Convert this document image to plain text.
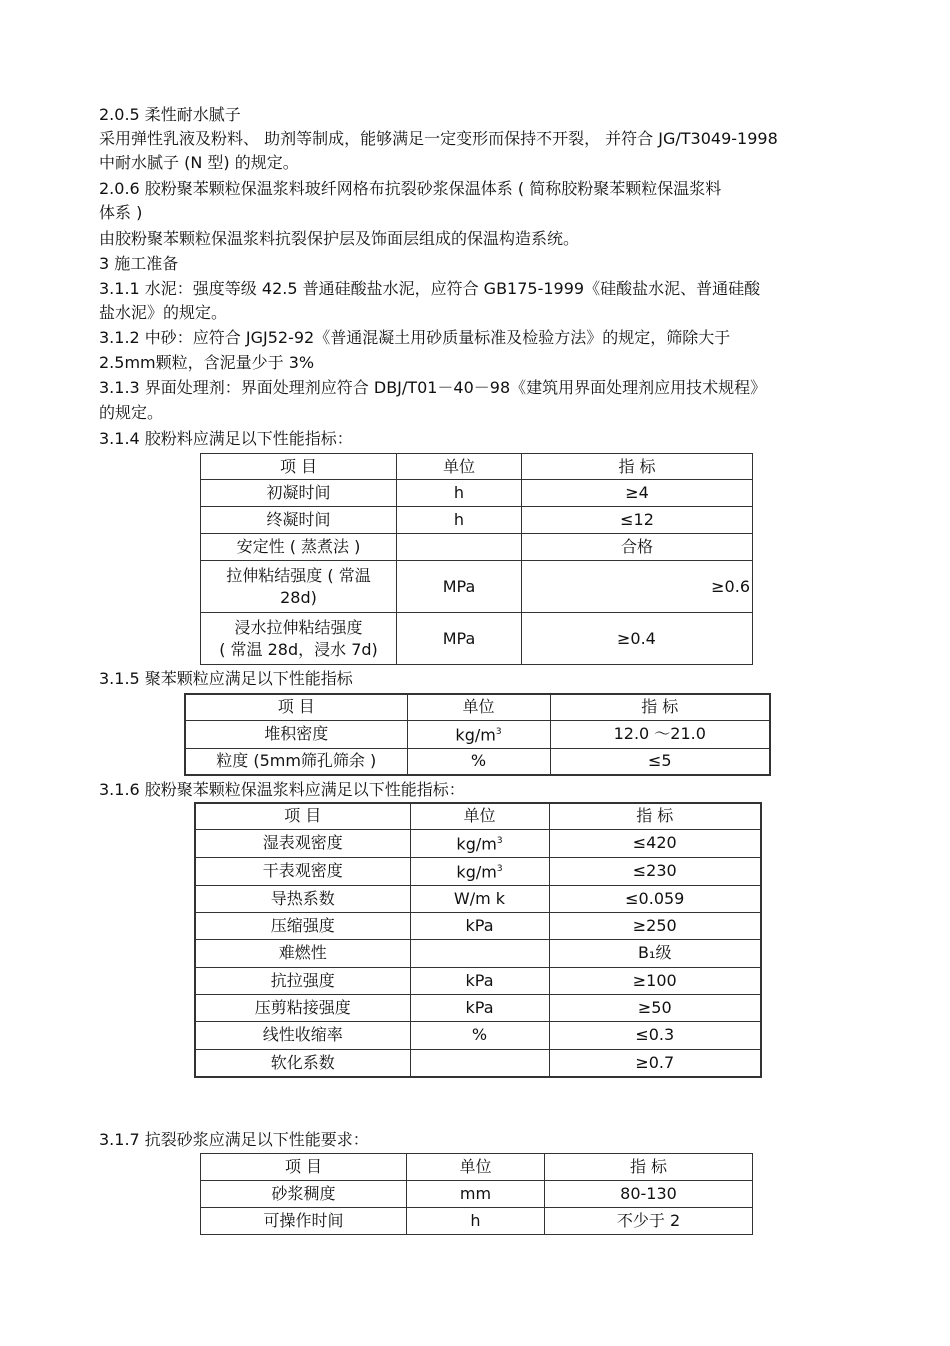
2.0.5 柔性耐水腻子
采用弹性乳液及粉料、 助剂等制成，能够满足一定变形而保持不开裂， 并符合 JG/T3049-1998
中耐水腻子 (N 型) 的规定。
2.0.6 胶粉聚苯颗粒保温浆料玻纤网格布抗裂砂浆保温体系 ( 简称胶粉聚苯颗粒保温浆料
体系 )
由胶粉聚苯颗粒保温浆料抗裂保护层及饰面层组成的保温构造系统。
3 施工准备
3.1.1 水泥：强度等级 42.5 普通硅酸盐水泥，应符合 GB175-1999《硅酸盐水泥、普通硅酸
盐水泥》的规定。
3.1.2 中砂：应符合 JGJ52-92《普通混凝土用砂质量标准及检验方法》的规定，筛除大于
2.5mm颗粒，含泥量少于 3%
3.1.3 界面处理剂：界面处理剂应符合 DBJ/T01－40－98《建筑用界面处理剂应用技术规程》
的规定。
3.1.4 胶粉料应满足以下性能指标：
项 目	单位	指 标
初凝时间	h	≥4
终凝时间	h	≤12
安定性 ( 蒸煮法 )		合格

拉伸粘结强度 ( 常温
28d)	MPa	≥0.6

浸水拉伸粘结强度
( 常温 28d，浸水 7d)	MPa	≥0.4
3.1.5 聚苯颗粒应满足以下性能指标
项 目	单位	指 标
堆积密度	$kg/m^3$	12.0 ～21.0
粒度 (5mm筛孔筛余 )	%	≤5
3.1.6 胶粉聚苯颗粒保温浆料应满足以下性能指标：
项 目	单位	指 标
湿表观密度	$kg/m^3$	≤420
干表观密度	$kg/m^3$	≤230
导热系数	W/m k	≤0.059
压缩强度	kPa	≥250
难燃性		B₁级
抗拉强度	kPa	≥100
压剪粘接强度	kPa	≥50
线性收缩率	%	≤0.3
软化系数		≥0.7
3.1.7 抗裂砂浆应满足以下性能要求：
项 目	单位	指 标
砂浆稠度	mm	80-130
可操作时间	h	不少于 2
